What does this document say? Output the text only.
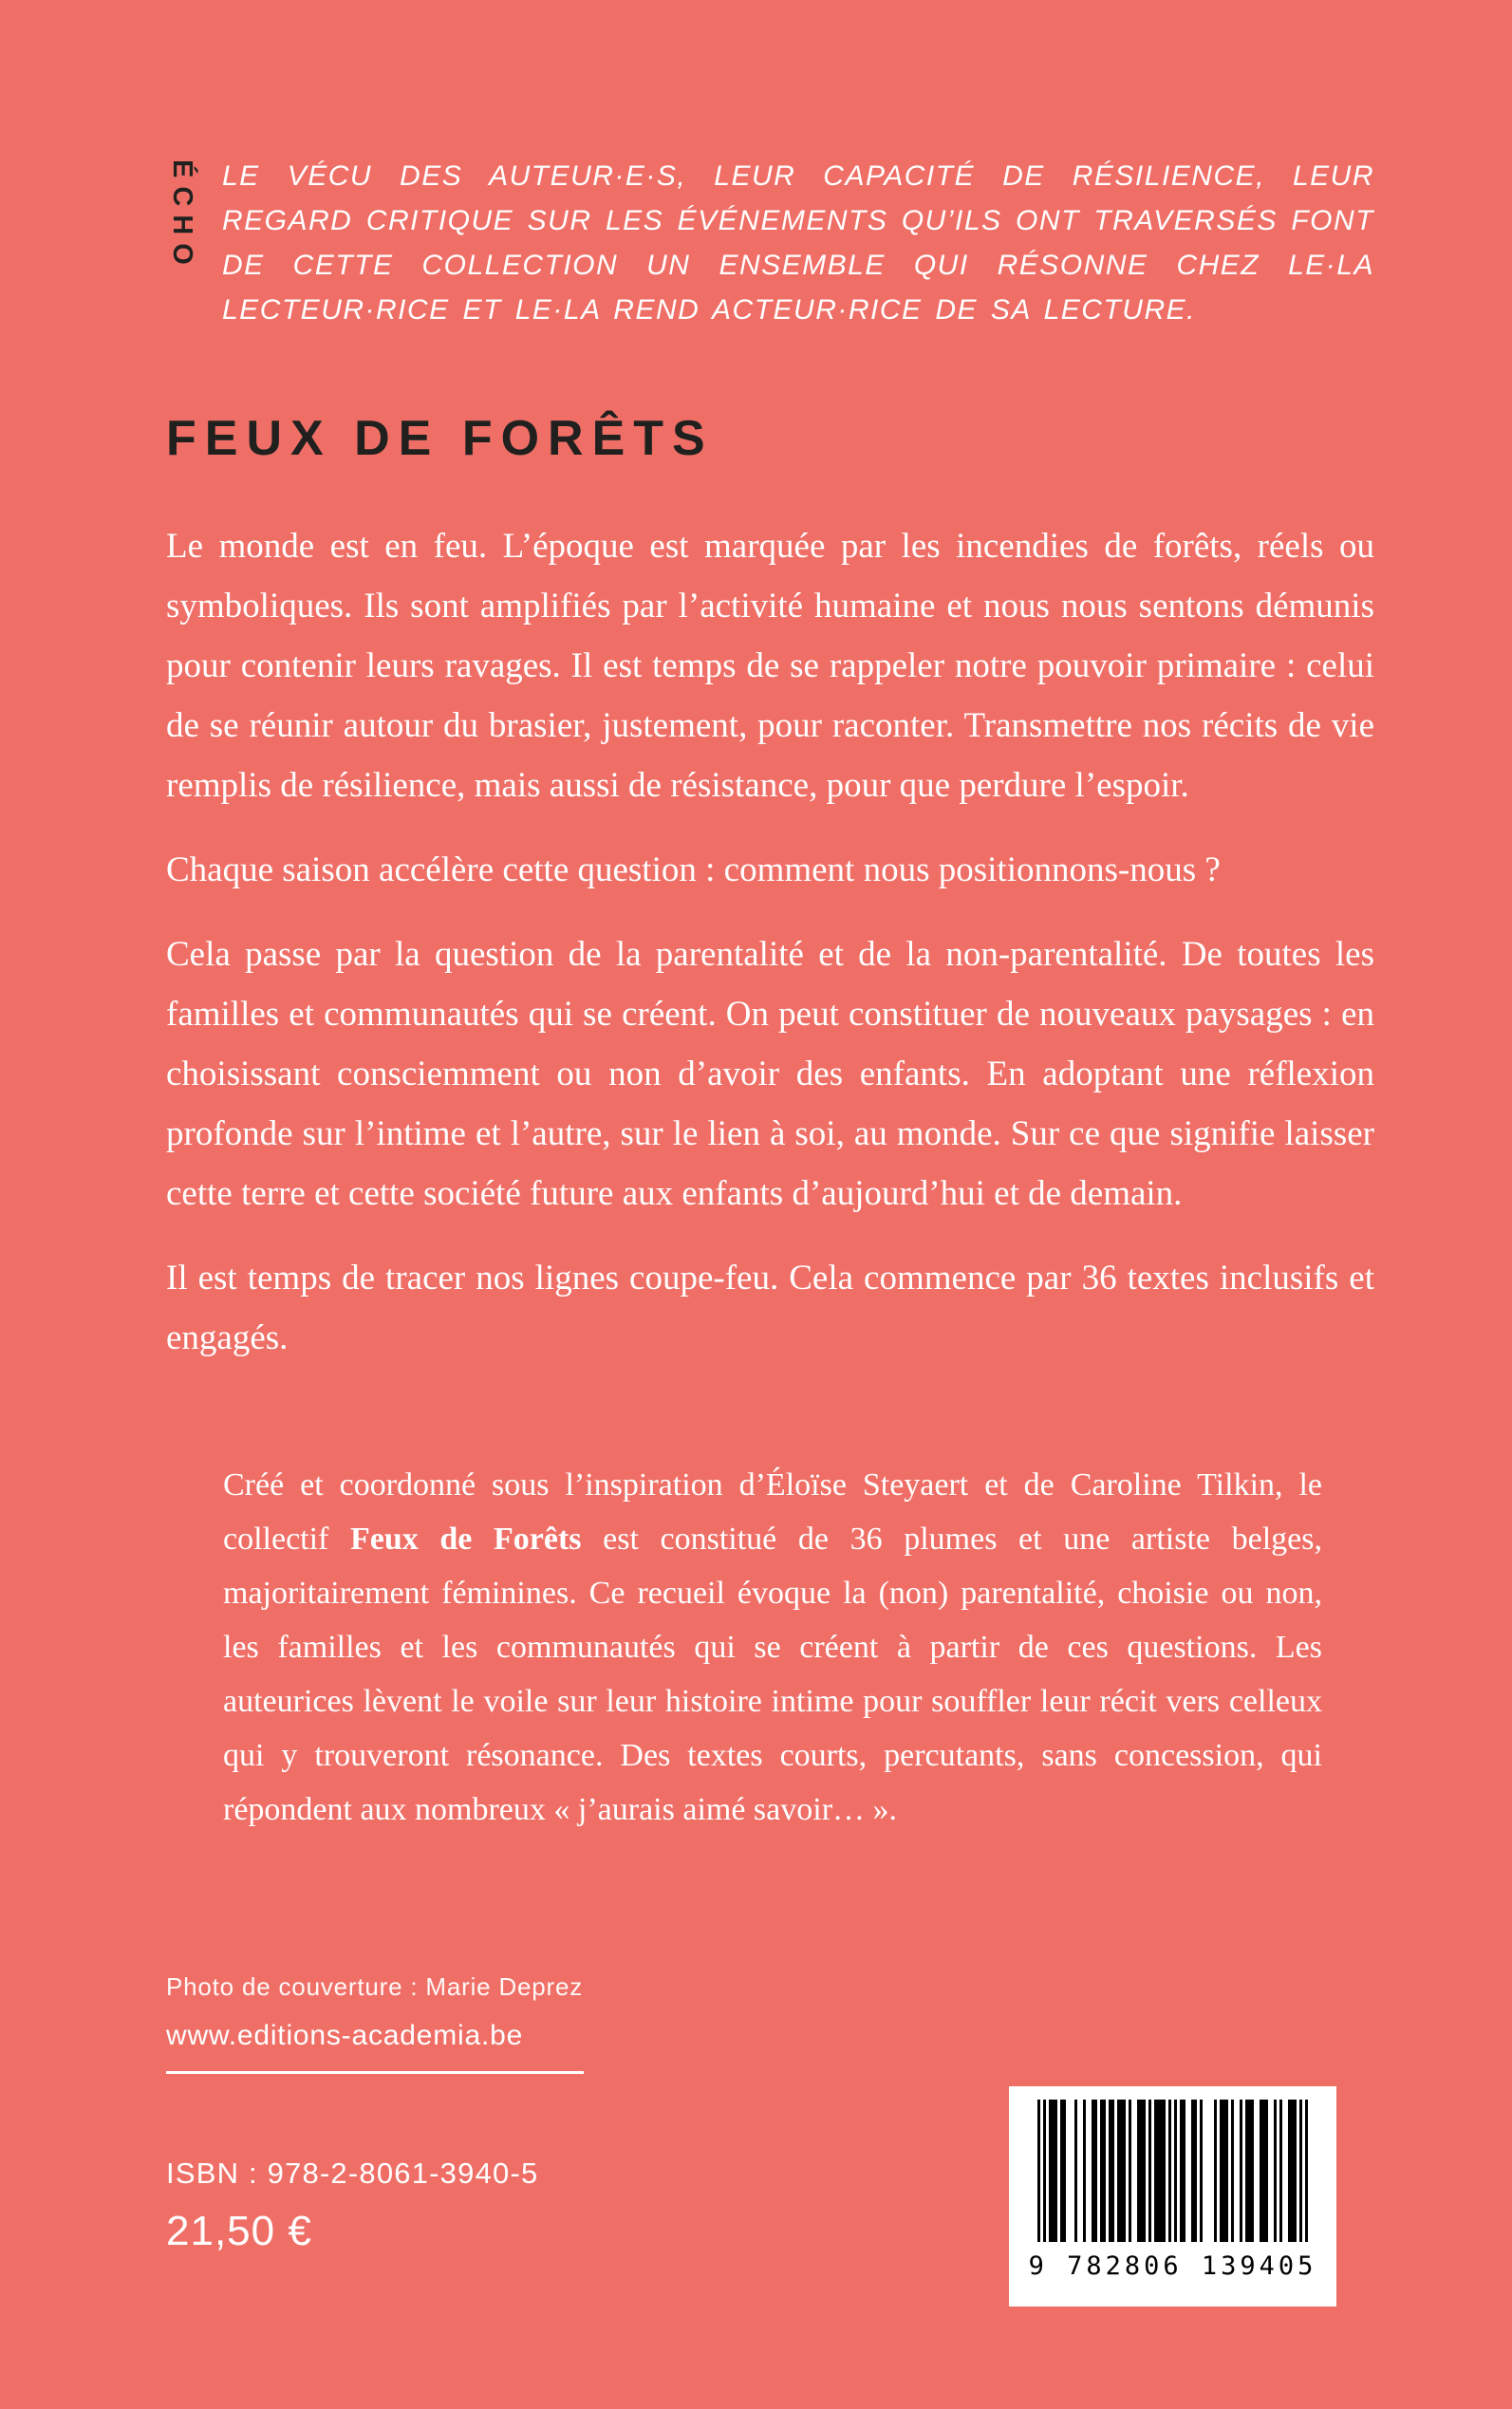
ÉCHO LE VÉCU DES AUTEUR·E·S, LEUR CAPACITÉ DE RÉSILIENCE, LEUR REGARD CRITIQUE SUR LES ÉVÉNEMENTS QU’ILS ONT TRAVERSÉS FONT DE CETTE COLLECTION UN ENSEMBLE QUI RÉSONNE CHEZ LE·LA LECTEUR·RICE ET LE·LA REND ACTEUR·RICE DE SA LECTURE.

FEUX DE FORÊTS

Le monde est en feu. L’époque est marquée par les incendies de forêts, réels ou symboliques. Ils sont amplifiés par l’activité humaine et nous nous sentons démunis pour contenir leurs ravages. Il est temps de se rappeler notre pouvoir primaire : celui de se réunir autour du brasier, justement, pour raconter. Transmettre nos récits de vie remplis de résilience, mais aussi de résistance, pour que perdure l’espoir.

Chaque saison accélère cette question : comment nous positionnons-nous ?

Cela passe par la question de la parentalité et de la non-parentalité. De toutes les familles et communautés qui se créent. On peut constituer de nouveaux paysages : en choisissant consciemment ou non d’avoir des enfants. En adoptant une réflexion profonde sur l’intime et l’autre, sur le lien à soi, au monde. Sur ce que signifie laisser cette terre et cette société future aux enfants d’aujourd’hui et de demain.

Il est temps de tracer nos lignes coupe-feu. Cela commence par 36 textes inclusifs et engagés.

Créé et coordonné sous l’inspiration d’Éloïse Steyaert et de Caroline Tilkin, le collectif Feux de Forêts est constitué de 36 plumes et une artiste belges, majoritairement féminines. Ce recueil évoque la (non) parentalité, choisie ou non, les familles et les communautés qui se créent à partir de ces questions. Les auteurices lèvent le voile sur leur histoire intime pour souffler leur récit vers celleux qui y trouveront résonance. Des textes courts, percutants, sans concession, qui répondent aux nombreux « j’aurais aimé savoir… ».

Photo de couverture : Marie Deprez

www.editions-academia.be

ISBN : 978-2-8061-3940-5

21,50 €

9 782806 139405
